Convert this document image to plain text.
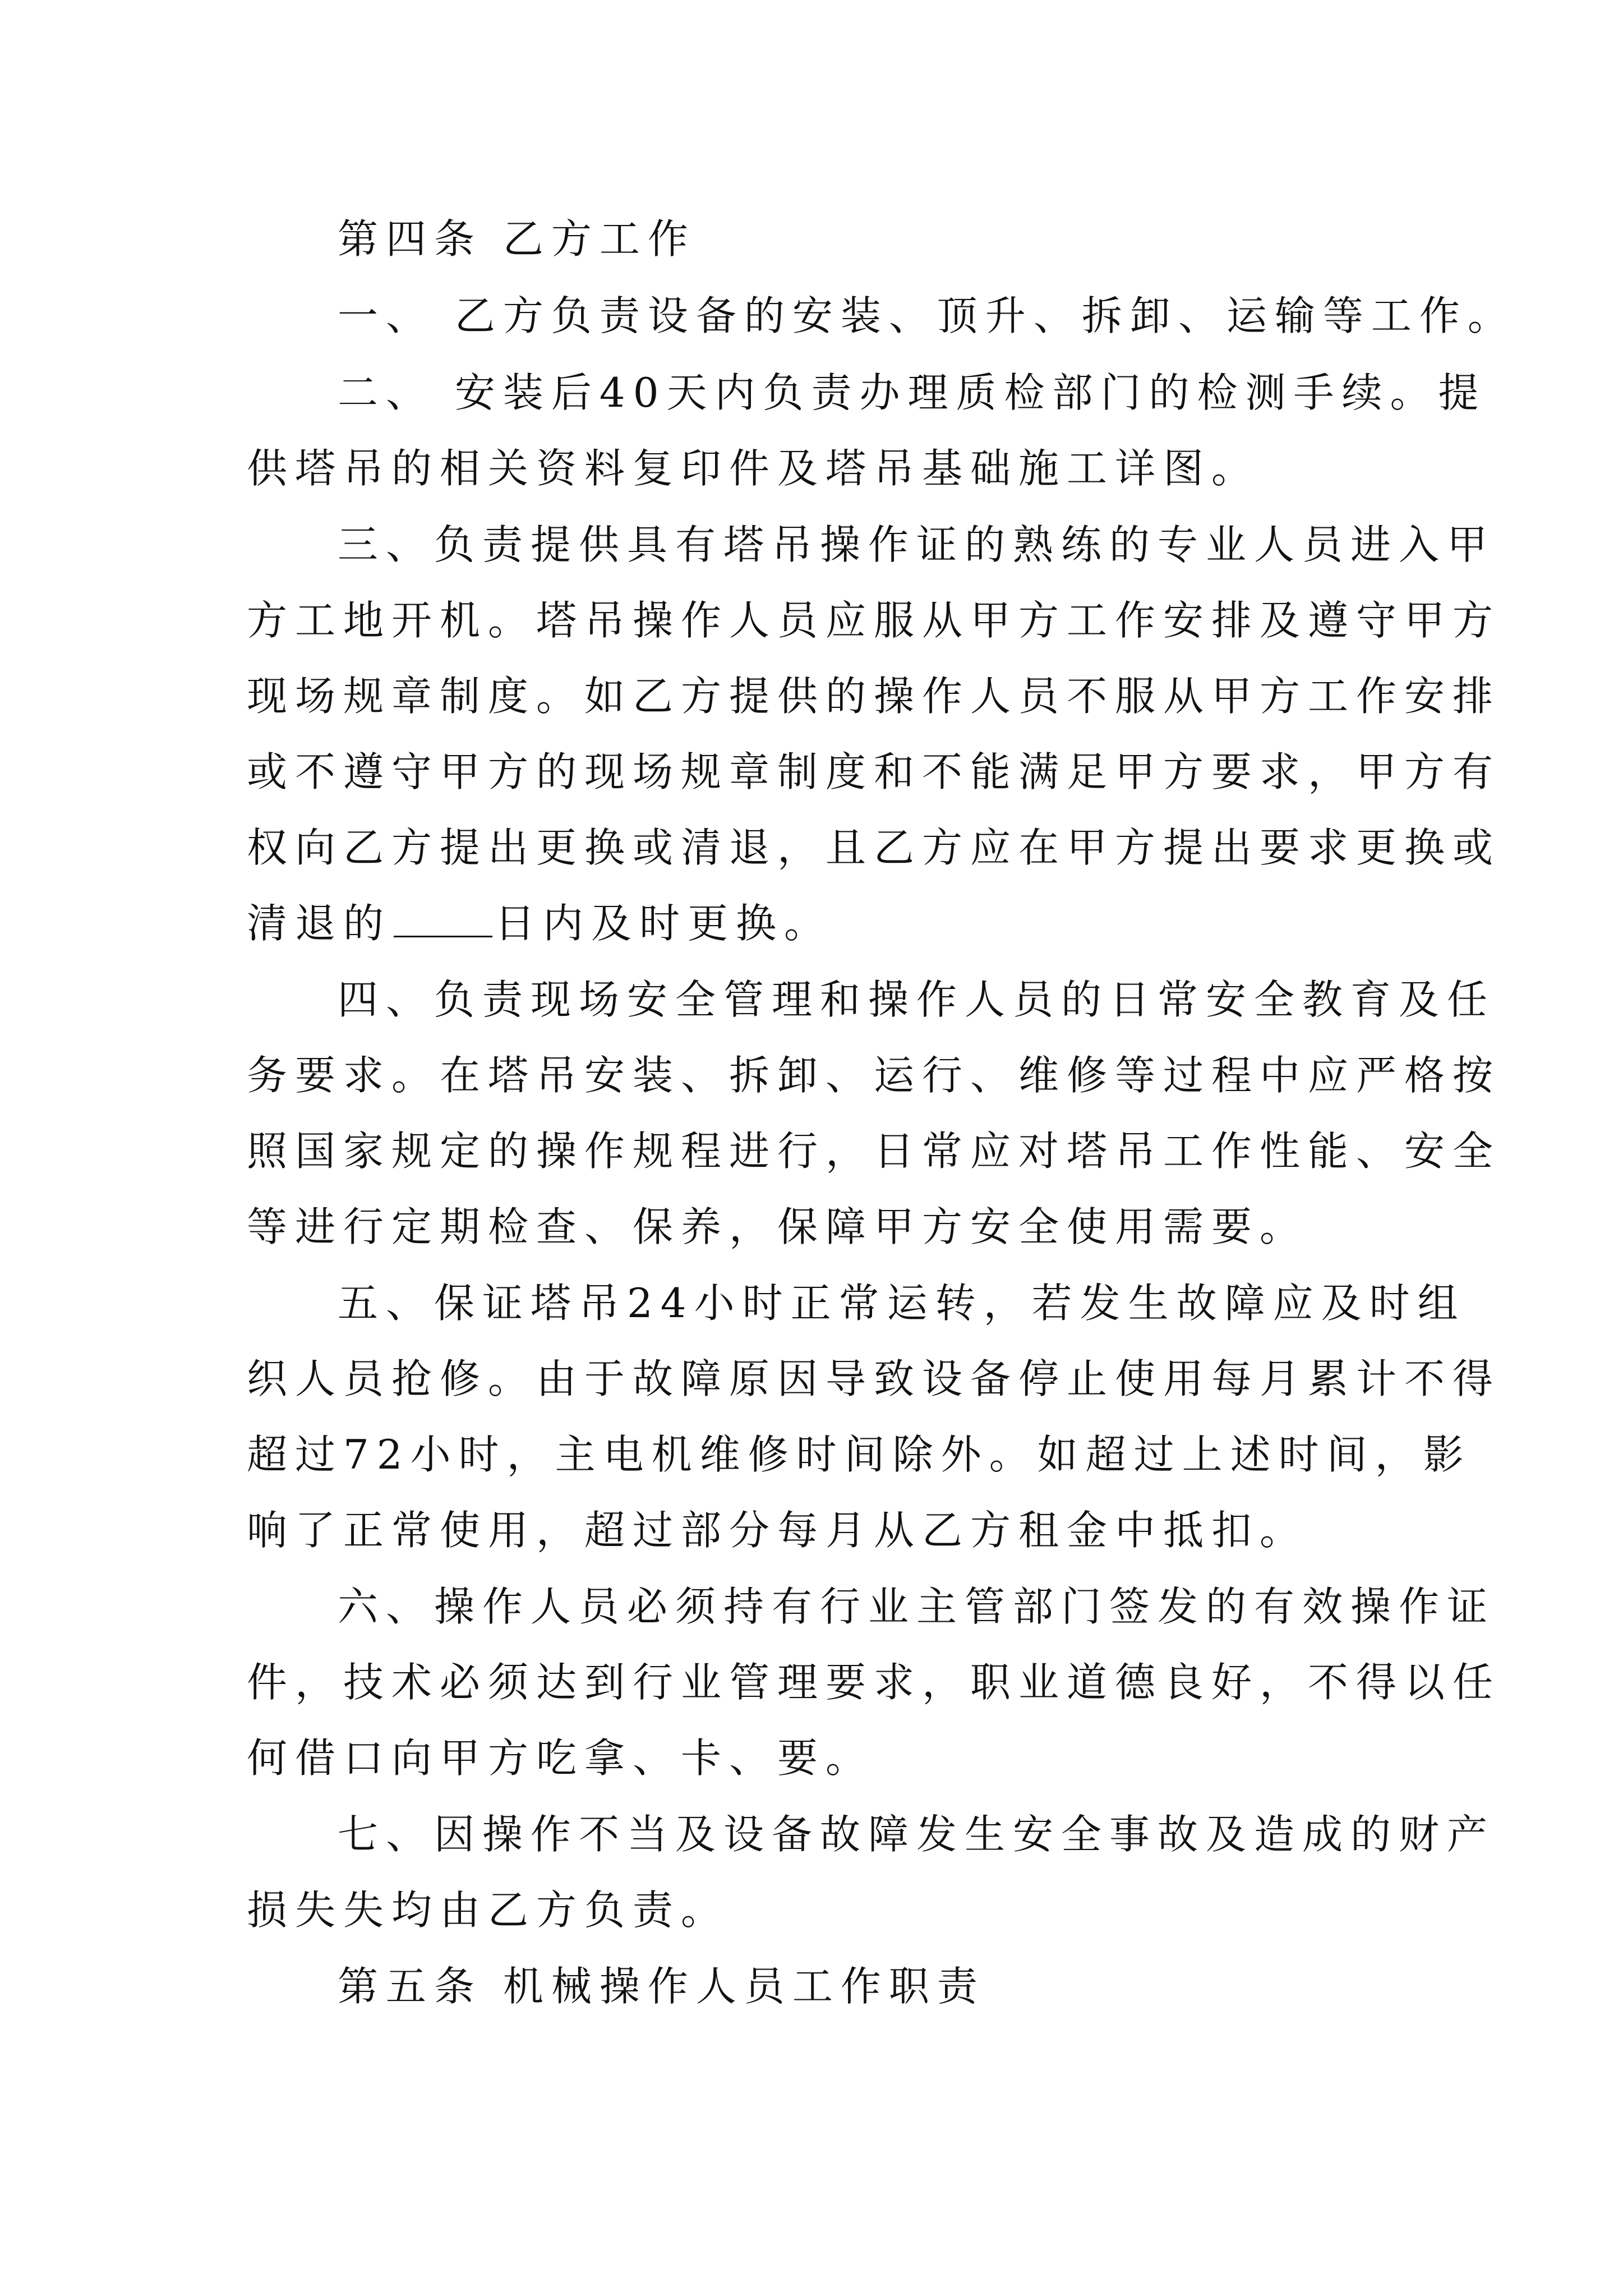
第四条 乙方工作
一、 乙方负责设备的安装、顶升、拆卸、运输等工作。
二、 安装后40天内负责办理质检部门的检测手续。提
供塔吊的相关资料复印件及塔吊基础施工详图。
三、负责提供具有塔吊操作证的熟练的专业人员进入甲
方工地开机。塔吊操作人员应服从甲方工作安排及遵守甲方
现场规章制度。如乙方提供的操作人员不服从甲方工作安排
或不遵守甲方的现场规章制度和不能满足甲方要求，甲方有
权向乙方提出更换或清退，且乙方应在甲方提出要求更换或
清退的	日内及时更换。
四、负责现场安全管理和操作人员的日常安全教育及任
务要求。在塔吊安装、拆卸、运行、维修等过程中应严格按
照国家规定的操作规程进行，日常应对塔吊工作性能、安全
等进行定期检查、保养，保障甲方安全使用需要。
五、保证塔吊24小时正常运转，若发生故障应及时组
织人员抢修。由于故障原因导致设备停止使用每月累计不得
超过72小时，主电机维修时间除外。如超过上述时间，影
响了正常使用，超过部分每月从乙方租金中抵扣。
六、操作人员必须持有行业主管部门签发的有效操作证
件，技术必须达到行业管理要求，职业道德良好，不得以任
何借口向甲方吃拿、卡、要。
七、因操作不当及设备故障发生安全事故及造成的财产
损失失均由乙方负责。
第五条 机械操作人员工作职责
